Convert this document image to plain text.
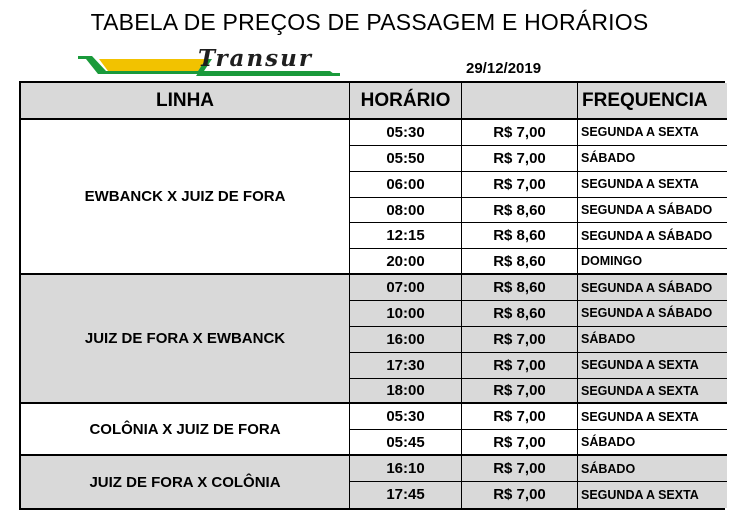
TABELA DE PREÇOS DE PASSAGEM E HORÁRIOS
Transur	29/12/2019
LINHA	HORÁRIO	FREQUENCIA
EWBANCK X JUIZ DE FORA
05:30	R$ 7,00	SEGUNDA A SEXTA
05:50	R$ 7,00	SÁBADO
06:00	R$ 7,00	SEGUNDA A SEXTA
08:00	R$ 8,60	SEGUNDA A SÁBADO
12:15	R$ 8,60	SEGUNDA A SÁBADO
20:00	R$ 8,60	DOMINGO
JUIZ DE FORA X EWBANCK
07:00	R$ 8,60	SEGUNDA A SÁBADO
10:00	R$ 8,60	SEGUNDA A SÁBADO
16:00	R$ 7,00	SÁBADO
17:30	R$ 7,00	SEGUNDA A SEXTA
18:00	R$ 7,00	SEGUNDA A SEXTA
COLÔNIA X JUIZ DE FORA
05:30	R$ 7,00	SEGUNDA A SEXTA
05:45	R$ 7,00	SÁBADO
JUIZ DE FORA X COLÔNIA
16:10	R$ 7,00	SÁBADO
17:45	R$ 7,00	SEGUNDA A SEXTA
